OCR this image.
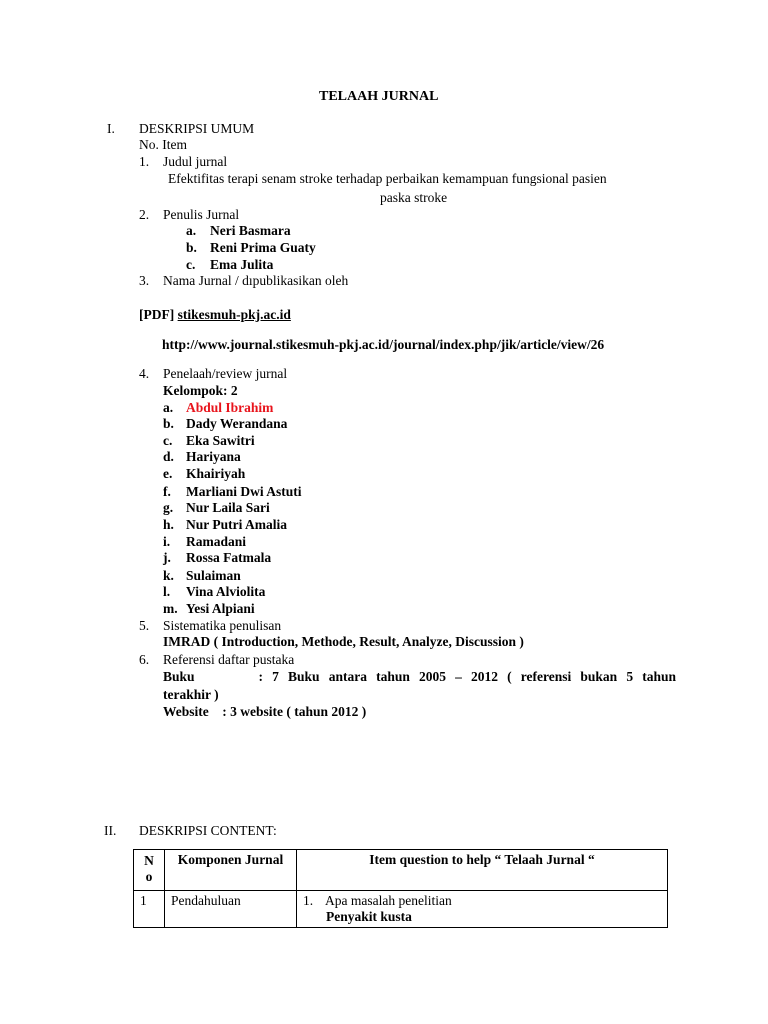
TELAAH JURNAL
I. DESKRIPSI UMUM
No. Item
1. Judul jurnal
Efektifitas terapi senam stroke terhadap perbaikan kemampuan fungsional pasien
paska stroke
2. Penulis Jurnal
a. Neri Basmara
b. Reni Prima Guaty
c. Ema Julita
3. Nama Jurnal / dıpublikasikan oleh
[PDF] stikesmuh-pkj.ac.id
http://www.journal.stikesmuh-pkj.ac.id/journal/index.php/jik/article/view/26
4. Penelaah/review jurnal
Kelompok: 2
a. Abdul Ibrahim
b. Dady Werandana
c. Eka Sawitri
d. Hariyana
e. Khairiyah
f. Marliani Dwi Astuti
g. Nur Laila Sari
h. Nur Putri Amalia
i. Ramadani
j. Rossa Fatmala
k. Sulaiman
l. Vina Alviolita
m. Yesi Alpiani
5. Sistematika penulisan
IMRAD ( Introduction, Methode, Result, Analyze, Discussion )
6. Referensi daftar pustaka
Buku       : 7 Buku antara tahun 2005 – 2012 ( referensi bukan 5 tahun
terakhir )
Website    : 3 website ( tahun 2012 )
II. DESKRIPSI CONTENT:
N
o	Komponen Jurnal	Item question to help “ Telaah Jurnal “
1	Pendahuluan	1. Apa masalah penelitian
Penyakit kusta
